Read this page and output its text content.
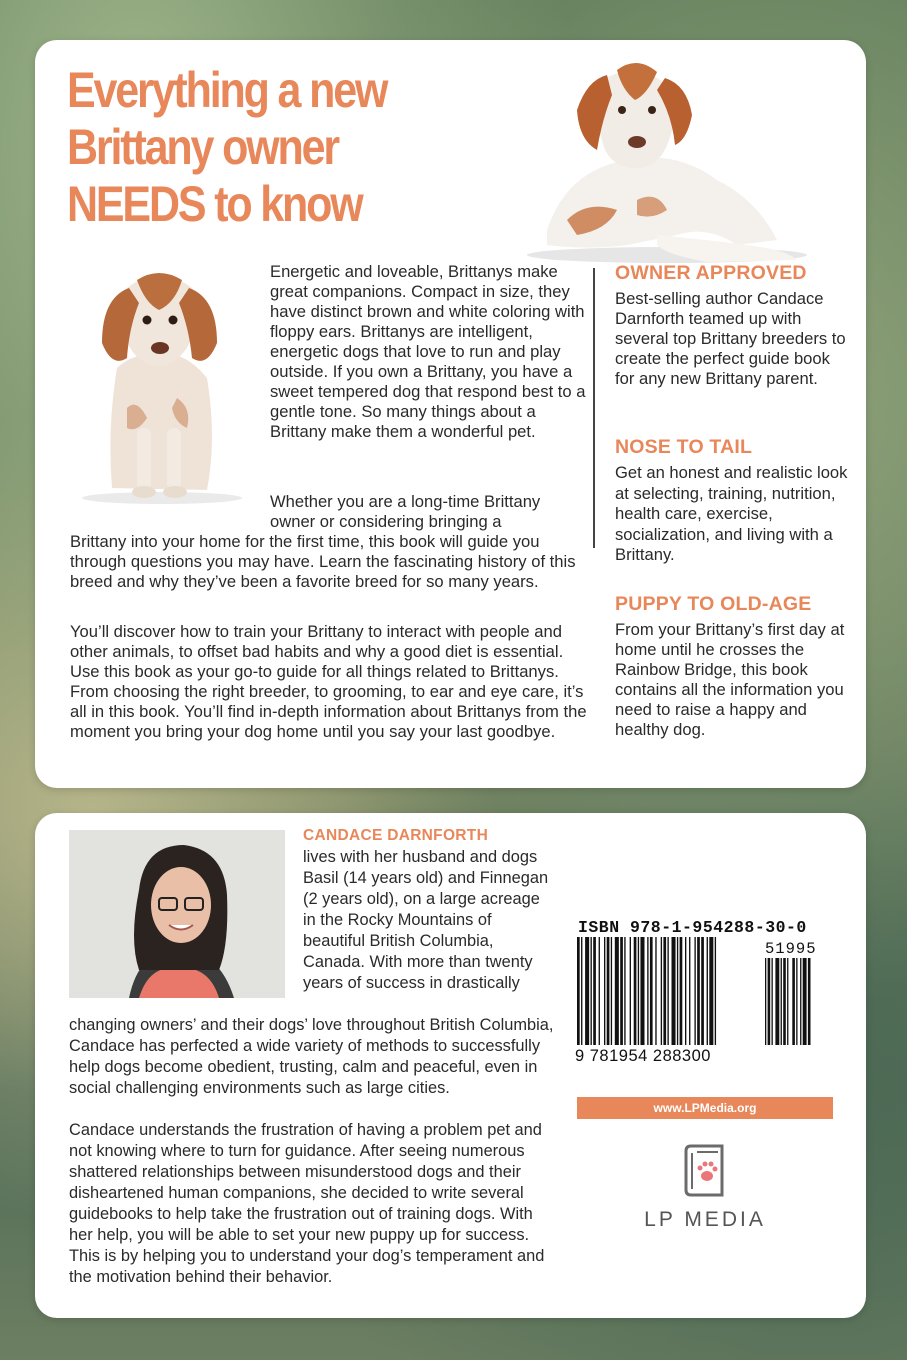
Everything a new
Brittany owner
NEEDS to know
Energetic and loveable, Brittanys make great companions. Compact in size, they have distinct brown and white coloring with floppy ears. Brittanys are intelligent, energetic dogs that love to run and play outside. If you own a Brittany, you have a sweet tempered dog that respond best to a gentle tone. So many things about a Brittany make them a wonderful pet.
Whether you are a long-time Brittany owner or considering bringing a
Brittany into your home for the first time, this book will guide you through questions you may have. Learn the fascinating history of this breed and why they’ve been a favorite breed for so many years.
You’ll discover how to train your Brittany to interact with people and other animals, to offset bad habits and why a good diet is essential. Use this book as your go-to guide for all things related to Brittanys. From choosing the right breeder, to grooming, to ear and eye care, it’s all in this book. You’ll find in-depth information about Brittanys from the moment you bring your dog home until you say your last goodbye.
OWNER APPROVED
Best-selling author Candace Darnforth teamed up with several top Brittany breeders to create the perfect guide book for any new Brittany parent.
NOSE TO TAIL
Get an honest and realistic look at selecting, training, nutrition, health care, exercise, socialization, and living with a Brittany.
PUPPY TO OLD-AGE
From your Brittany’s first day at home until he crosses the Rainbow Bridge, this book contains all the information you need to raise a happy and healthy dog.
CANDACE DARNFORTH
lives with her husband and dogs Basil (14 years old) and Finnegan (2 years old), on a large acreage in the Rocky Mountains of beautiful British Columbia, Canada. With more than twenty years of success in drastically
changing owners’ and their dogs’ love throughout British Columbia, Candace has perfected a wide variety of methods to successfully help dogs become obedient, trusting, calm and peaceful, even in social challenging environments such as large cities.
Candace understands the frustration of having a problem pet and not knowing where to turn for guidance. After seeing numerous shattered relationships between misunderstood dogs and their disheartened human companions, she decided to write several guidebooks to help take the frustration out of training dogs. With her help, you will be able to set your new puppy up for success. This is by helping you to understand your dog’s temperament and the motivation behind their behavior.
ISBN 978-1-954288-30-0
51995
9 781954 288300
www.LPMedia.org
LP MEDIA
